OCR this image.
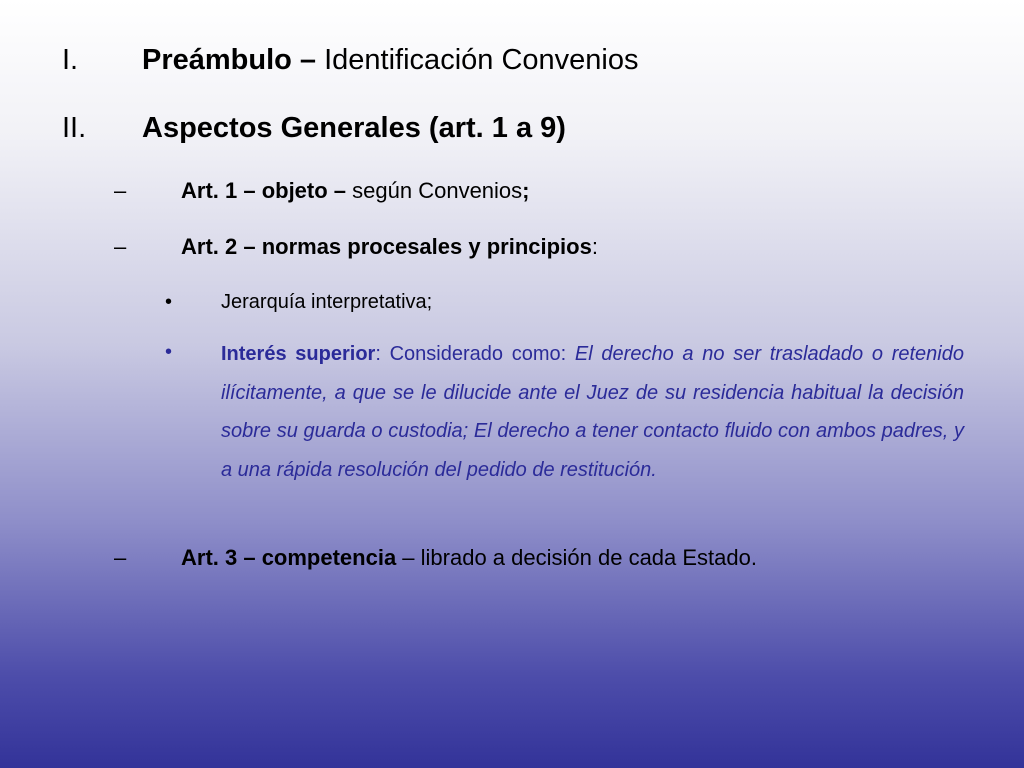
I. Preámbulo – Identificación Convenios
II. Aspectos Generales (art. 1 a 9)
– Art. 1 – objeto – según Convenios;
– Art. 2 – normas procesales y principios:
• Jerarquía interpretativa;
• Interés superior: Considerado como: El derecho a no ser trasladado o retenido ilícitamente, a que se le dilucide ante el Juez de su residencia habitual la decisión sobre su guarda o custodia; El derecho a tener contacto fluido con ambos padres, y a una rápida resolución del pedido de restitución.
– Art. 3 – competencia – librado a decisión de cada Estado.
